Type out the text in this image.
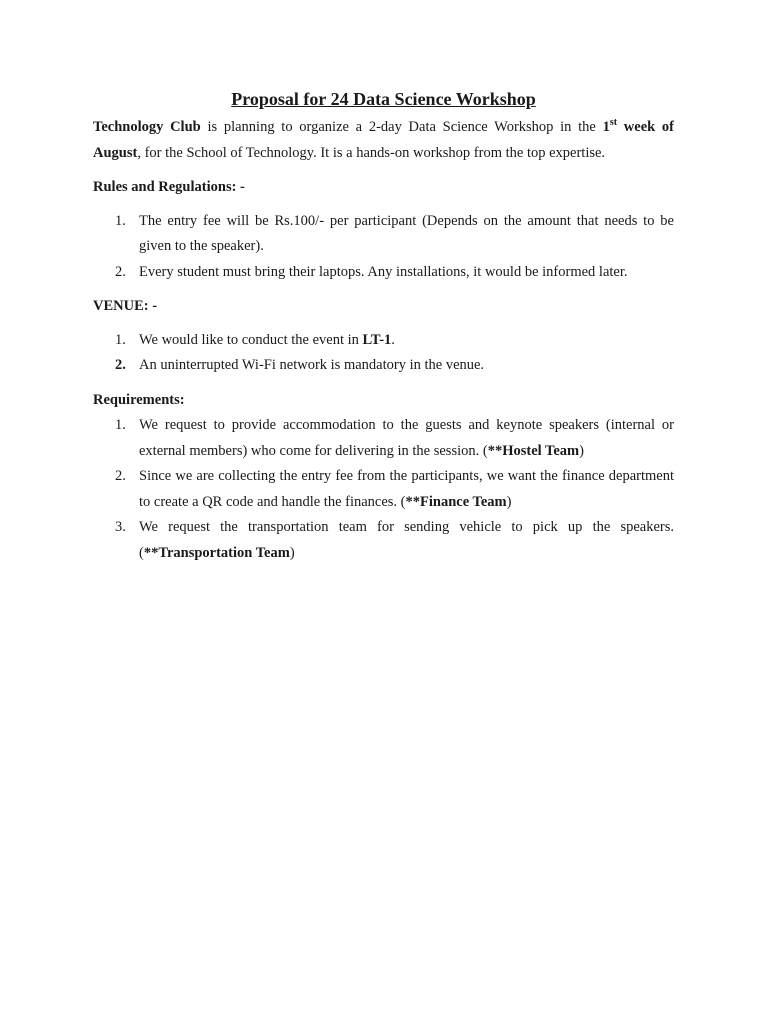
Proposal for 24 Data Science Workshop

Technology Club is planning to organize a 2-day Data Science Workshop in the 1st week of August, for the School of Technology. It is a hands-on workshop from the top expertise.

Rules and Regulations: -

1. The entry fee will be Rs.100/- per participant (Depends on the amount that needs to be given to the speaker).
2. Every student must bring their laptops. Any installations, it would be informed later.

VENUE: -

1. We would like to conduct the event in LT-1.
2. An uninterrupted Wi-Fi network is mandatory in the venue.

Requirements:

1. We request to provide accommodation to the guests and keynote speakers (internal or external members) who come for delivering in the session. (**Hostel Team)
2. Since we are collecting the entry fee from the participants, we want the finance department to create a QR code and handle the finances. (**Finance Team)
3. We request the transportation team for sending vehicle to pick up the speakers. (**Transportation Team)
